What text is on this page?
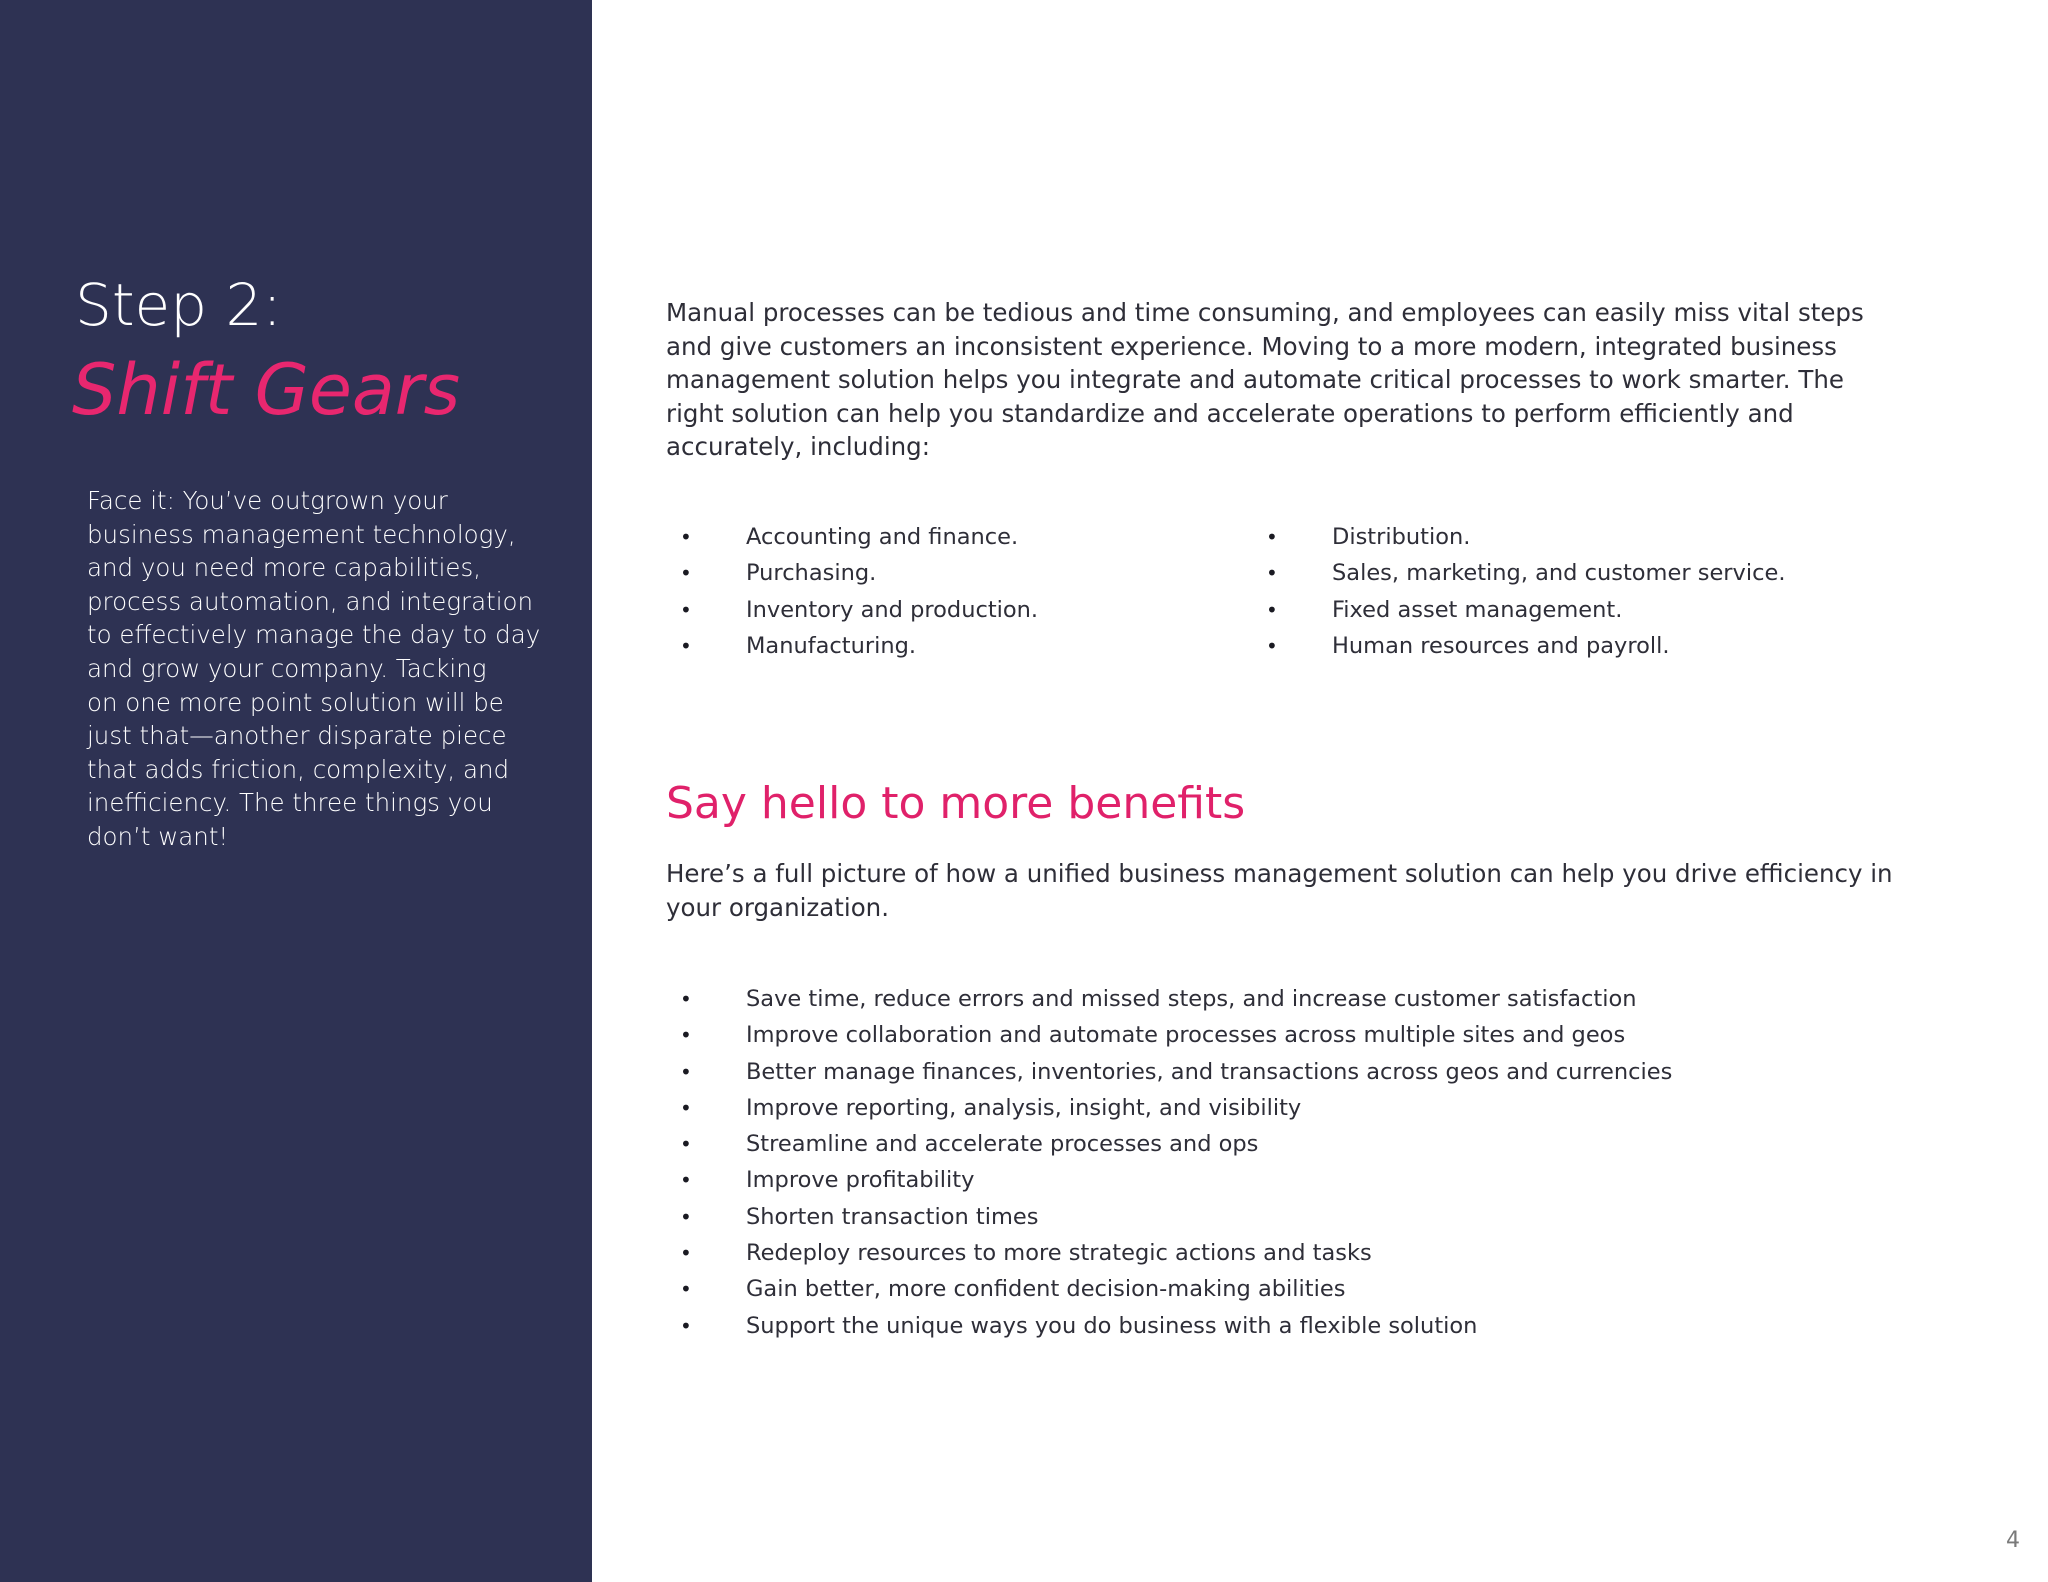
Step 2:
Shift Gears
Face it: You’ve outgrown your
business management technology,
and you need more capabilities,
process automation, and integration
to effectively manage the day to day
and grow your company. Tacking
on one more point solution will be
just that—another disparate piece
that adds friction, complexity, and
inefficiency. The three things you
don’t want!
Manual processes can be tedious and time consuming, and employees can easily miss vital steps
and give customers an inconsistent experience. Moving to a more modern, integrated business
management solution helps you integrate and automate critical processes to work smarter. The
right solution can help you standardize and accelerate operations to perform efficiently and
accurately, including:
• Accounting and finance.
• Purchasing.
• Inventory and production.
• Manufacturing.
• Distribution.
• Sales, marketing, and customer service.
• Fixed asset management.
• Human resources and payroll.
Say hello to more benefits
Here’s a full picture of how a unified business management solution can help you drive efficiency in
your organization.
• Save time, reduce errors and missed steps, and increase customer satisfaction
• Improve collaboration and automate processes across multiple sites and geos
• Better manage finances, inventories, and transactions across geos and currencies
• Improve reporting, analysis, insight, and visibility
• Streamline and accelerate processes and ops
• Improve profitability
• Shorten transaction times
• Redeploy resources to more strategic actions and tasks
• Gain better, more confident decision-making abilities
• Support the unique ways you do business with a flexible solution
4
